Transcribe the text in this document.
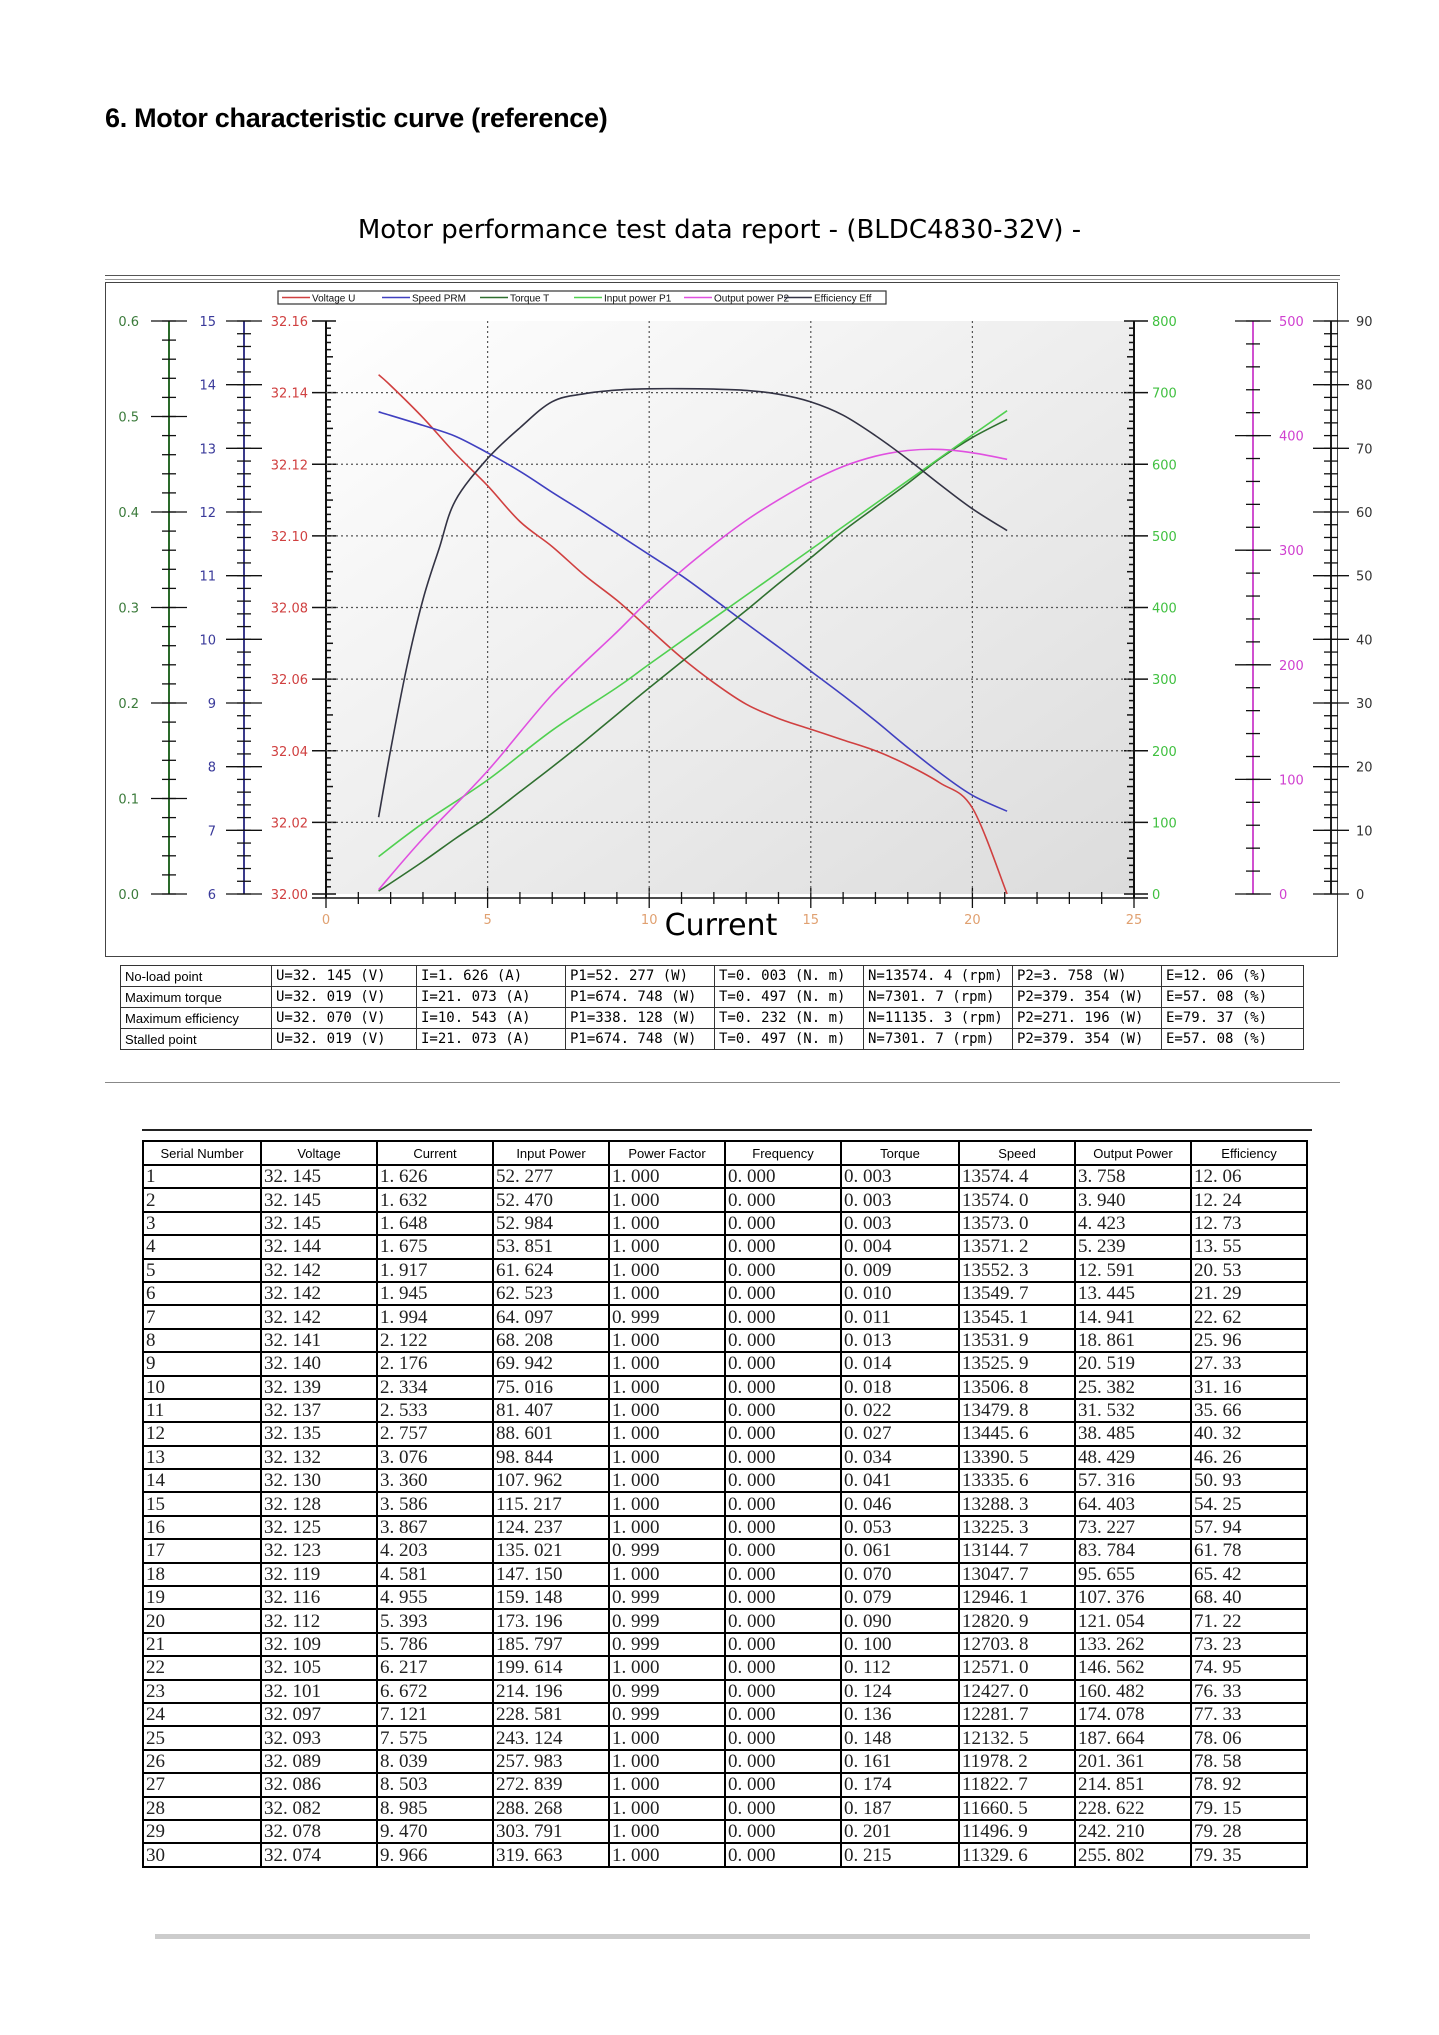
6. Motor characteristic curve (reference)
Motor performance test data report - (BLDC4830-32V) -
32.00
32.02
32.04
32.06
32.08
32.10
32.12
32.14
32.16
0
100
200
300
400
500
600
700
800
0	5	10	15	20	25
0.0
0.1
0.2
0.3
0.4
0.5
0.6
6
7
8
9
10
11
12
13
14
15
0
100
200
300
400
500
0
10
20
30
40
50
60
70
80
90
Voltage U	Speed PRM	Torque T	Input power P1	Output power P2 Efficiency Eff
Current
No-load point	U=32. 145 (V)	I=1. 626 (A)	P1=52. 277 (W)	T=0. 003 (N. m)	N=13574. 4 (rpm)	P2=3. 758 (W)	E=12. 06 (%)
Maximum torque	U=32. 019 (V)	I=21. 073 (A)	P1=674. 748 (W)	T=0. 497 (N. m)	N=7301. 7 (rpm)	P2=379. 354 (W)	E=57. 08 (%)
Maximum efficiency	U=32. 070 (V)	I=10. 543 (A)	P1=338. 128 (W)	T=0. 232 (N. m)	N=11135. 3 (rpm)	P2=271. 196 (W)	E=79. 37 (%)
Stalled point	U=32. 019 (V)	I=21. 073 (A)	P1=674. 748 (W)	T=0. 497 (N. m)	N=7301. 7 (rpm)	P2=379. 354 (W)	E=57. 08 (%)
Serial Number	Voltage	Current	Input Power	Power Factor	Frequency	Torque	Speed	Output Power	Efficiency
1	32. 145	1. 626	52. 277	1. 000	0. 000	0. 003	13574. 4	3. 758	12. 06
2	32. 145	1. 632	52. 470	1. 000	0. 000	0. 003	13574. 0	3. 940	12. 24
3	32. 145	1. 648	52. 984	1. 000	0. 000	0. 003	13573. 0	4. 423	12. 73
4	32. 144	1. 675	53. 851	1. 000	0. 000	0. 004	13571. 2	5. 239	13. 55
5	32. 142	1. 917	61. 624	1. 000	0. 000	0. 009	13552. 3	12. 591	20. 53
6	32. 142	1. 945	62. 523	1. 000	0. 000	0. 010	13549. 7	13. 445	21. 29
7	32. 142	1. 994	64. 097	0. 999	0. 000	0. 011	13545. 1	14. 941	22. 62
8	32. 141	2. 122	68. 208	1. 000	0. 000	0. 013	13531. 9	18. 861	25. 96
9	32. 140	2. 176	69. 942	1. 000	0. 000	0. 014	13525. 9	20. 519	27. 33
10	32. 139	2. 334	75. 016	1. 000	0. 000	0. 018	13506. 8	25. 382	31. 16
11	32. 137	2. 533	81. 407	1. 000	0. 000	0. 022	13479. 8	31. 532	35. 66
12	32. 135	2. 757	88. 601	1. 000	0. 000	0. 027	13445. 6	38. 485	40. 32
13	32. 132	3. 076	98. 844	1. 000	0. 000	0. 034	13390. 5	48. 429	46. 26
14	32. 130	3. 360	107. 962	1. 000	0. 000	0. 041	13335. 6	57. 316	50. 93
15	32. 128	3. 586	115. 217	1. 000	0. 000	0. 046	13288. 3	64. 403	54. 25
16	32. 125	3. 867	124. 237	1. 000	0. 000	0. 053	13225. 3	73. 227	57. 94
17	32. 123	4. 203	135. 021	0. 999	0. 000	0. 061	13144. 7	83. 784	61. 78
18	32. 119	4. 581	147. 150	1. 000	0. 000	0. 070	13047. 7	95. 655	65. 42
19	32. 116	4. 955	159. 148	0. 999	0. 000	0. 079	12946. 1	107. 376	68. 40
20	32. 112	5. 393	173. 196	0. 999	0. 000	0. 090	12820. 9	121. 054	71. 22
21	32. 109	5. 786	185. 797	0. 999	0. 000	0. 100	12703. 8	133. 262	73. 23
22	32. 105	6. 217	199. 614	1. 000	0. 000	0. 112	12571. 0	146. 562	74. 95
23	32. 101	6. 672	214. 196	0. 999	0. 000	0. 124	12427. 0	160. 482	76. 33
24	32. 097	7. 121	228. 581	0. 999	0. 000	0. 136	12281. 7	174. 078	77. 33
25	32. 093	7. 575	243. 124	1. 000	0. 000	0. 148	12132. 5	187. 664	78. 06
26	32. 089	8. 039	257. 983	1. 000	0. 000	0. 161	11978. 2	201. 361	78. 58
27	32. 086	8. 503	272. 839	1. 000	0. 000	0. 174	11822. 7	214. 851	78. 92
28	32. 082	8. 985	288. 268	1. 000	0. 000	0. 187	11660. 5	228. 622	79. 15
29	32. 078	9. 470	303. 791	1. 000	0. 000	0. 201	11496. 9	242. 210	79. 28
30	32. 074	9. 966	319. 663	1. 000	0. 000	0. 215	11329. 6	255. 802	79. 35
